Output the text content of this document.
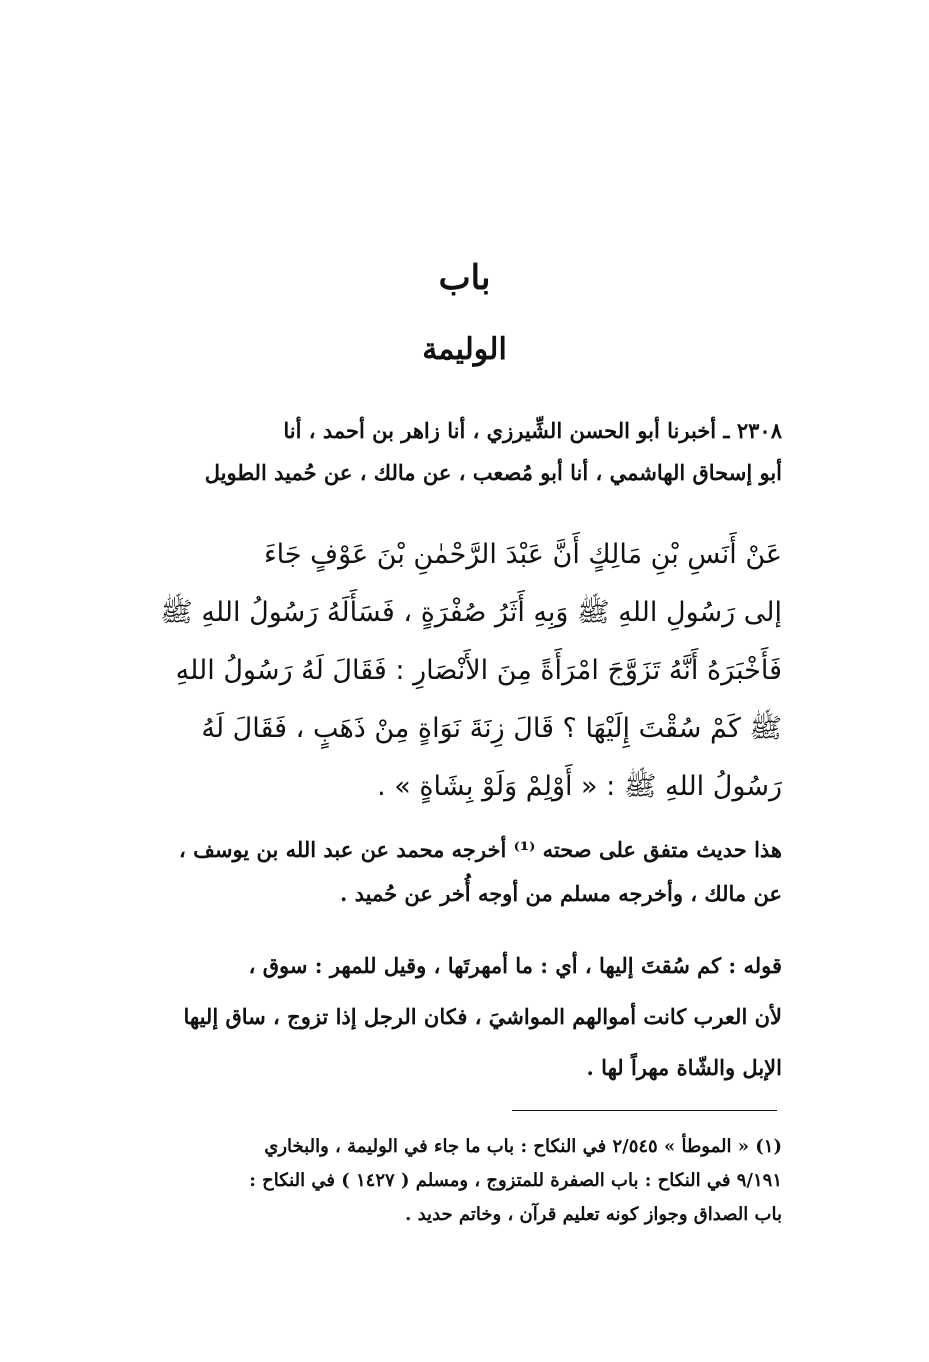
باب
الوليمة
٢٣٠٨ ـ أخبرنا أبو الحسن الشِّيرزي ، أنا زاهر بن أحمد ، أنا
أبو إسحاق الهاشمي ، أنا أبو مُصعب ، عن مالك ، عن حُميد الطويل
عَنْ أَنَسِ بْنِ مَالِكٍ أَنَّ عَبْدَ الرَّحْمٰنِ بْنَ عَوْفٍ جَاءَ
إلى رَسُولِ اللهِ ﷺ وَبِهِ أَثَرُ صُفْرَةٍ ، فَسَأَلَهُ رَسُولُ اللهِ ﷺ
فَأَخْبَرَهُ أَنَّهُ تَزَوَّجَ امْرَأَةً مِنَ الأَنْصَارِ : فَقَالَ لَهُ رَسُولُ اللهِ
ﷺ كَمْ سُقْتَ إِلَيْهَا ؟ قَالَ زِنَةَ نَوَاةٍ مِنْ ذَهَبٍ ، فَقَالَ لَهُ
رَسُولُ اللهِ ﷺ : « أَوْلِمْ وَلَوْ بِشَاةٍ » .
هذا حديث متفق على صحته ⁽¹⁾ أخرجه محمد عن عبد الله بن يوسف ،
عن مالك ، وأخرجه مسلم من أوجه أُخر عن حُميد .
قوله : كم سُقتَ إليها ، أي : ما أمهرتَها ، وقيل للمهر : سوق ،
لأن العرب كانت أموالهم المواشيَ ، فكان الرجل إذا تزوج ، ساق إليها
الإبل والشّاة مهراً لها .
(١) « الموطأ » ٢/٥٤٥ في النكاح : باب ما جاء في الوليمة ، والبخاري
٩/١٩١ في النكاح : باب الصفرة للمتزوج ، ومسلم ( ١٤٢٧ ) في النكاح :
باب الصداق وجواز كونه تعليم قرآن ، وخاتم حديد .
